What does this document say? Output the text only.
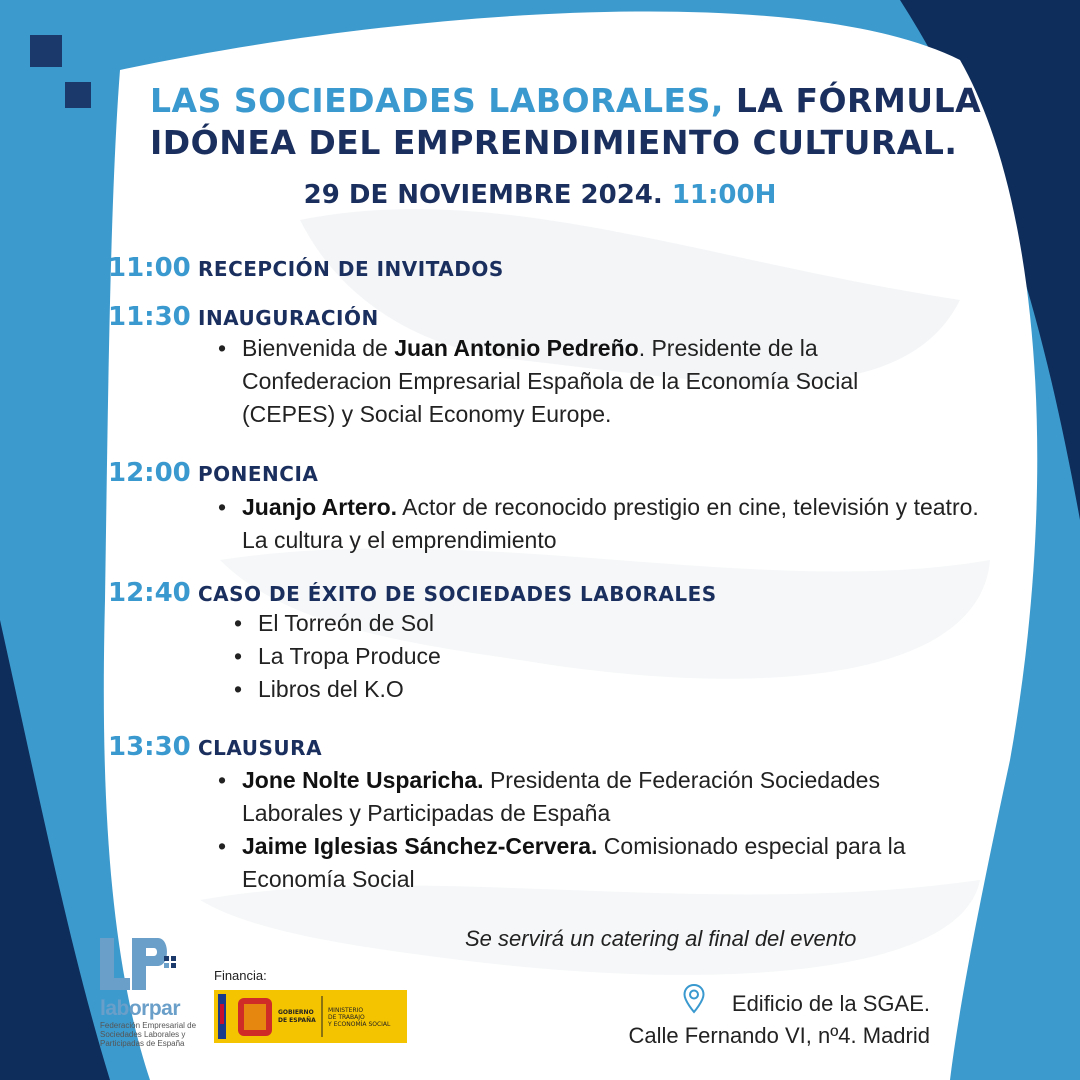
LAS SOCIEDADES LABORALES, LA FÓRMULA IDÓNEA DEL EMPRENDIMIENTO CULTURAL.
29 DE NOVIEMBRE 2024. 11:00H
11:00 RECEPCIÓN DE INVITADOS
11:30 INAUGURACIÓN
• Bienvenida de Juan Antonio Pedreño. Presidente de la Confederacion Empresarial Española de la Economía Social (CEPES) y Social Economy Europe.
12:00 PONENCIA
• Juanjo Artero. Actor de reconocido prestigio en cine, televisión y teatro. La cultura y el emprendimiento
12:40 CASO DE ÉXITO DE SOCIEDADES LABORALES
• El Torreón de Sol
• La Tropa Produce
• Libros del K.O
13:30 CLAUSURA
• Jone Nolte Usparicha. Presidenta de Federación Sociedades Laborales y Participadas de España
• Jaime Iglesias Sánchez-Cervera. Comisionado especial para la Economía Social
Se servirá un catering al final del evento
Edificio de la SGAE.
Calle Fernando VI, nº4. Madrid
laborpar
Federación Empresarial de Sociedades Laborales y Participadas de España
Financia:
GOBIERNO
DE ESPAÑA
MINISTERIO
DE TRABAJO
Y ECONOMÍA SOCIAL
